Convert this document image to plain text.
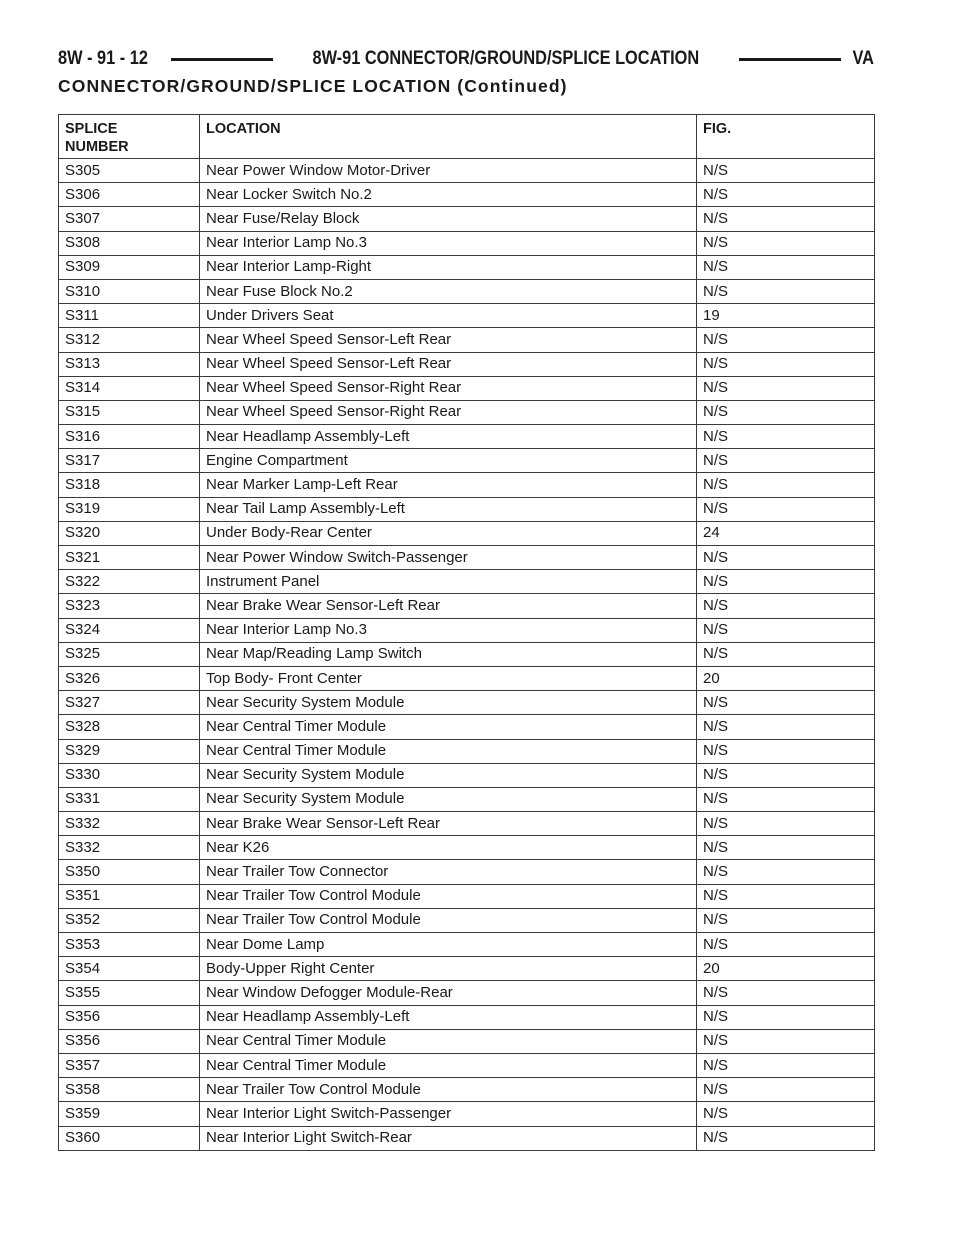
8W - 91 - 12	8W-91 CONNECTOR/GROUND/SPLICE LOCATION	VA
CONNECTOR/GROUND/SPLICE LOCATION (Continued)
SPLICE
NUMBER	LOCATION	FIG.

S305	Near Power Window Motor-Driver	N/S
S306	Near Locker Switch No.2	N/S
S307	Near Fuse/Relay Block	N/S
S308	Near Interior Lamp No.3	N/S
S309	Near Interior Lamp-Right	N/S
S310	Near Fuse Block No.2	N/S
S311	Under Drivers Seat	19
S312	Near Wheel Speed Sensor-Left Rear	N/S
S313	Near Wheel Speed Sensor-Left Rear	N/S
S314	Near Wheel Speed Sensor-Right Rear	N/S
S315	Near Wheel Speed Sensor-Right Rear	N/S
S316	Near Headlamp Assembly-Left	N/S
S317	Engine Compartment	N/S
S318	Near Marker Lamp-Left Rear	N/S
S319	Near Tail Lamp Assembly-Left	N/S
S320	Under Body-Rear Center	24
S321	Near Power Window Switch-Passenger	N/S
S322	Instrument Panel	N/S
S323	Near Brake Wear Sensor-Left Rear	N/S
S324	Near Interior Lamp No.3	N/S
S325	Near Map/Reading Lamp Switch	N/S
S326	Top Body- Front Center	20
S327	Near Security System Module	N/S
S328	Near Central Timer Module	N/S
S329	Near Central Timer Module	N/S
S330	Near Security System Module	N/S
S331	Near Security System Module	N/S
S332	Near Brake Wear Sensor-Left Rear	N/S
S332	Near K26	N/S
S350	Near Trailer Tow Connector	N/S
S351	Near Trailer Tow Control Module	N/S
S352	Near Trailer Tow Control Module	N/S
S353	Near Dome Lamp	N/S
S354	Body-Upper Right Center	20
S355	Near Window Defogger Module-Rear	N/S
S356	Near Headlamp Assembly-Left	N/S
S356	Near Central Timer Module	N/S
S357	Near Central Timer Module	N/S
S358	Near Trailer Tow Control Module	N/S
S359	Near Interior Light Switch-Passenger	N/S
S360	Near Interior Light Switch-Rear	N/S
